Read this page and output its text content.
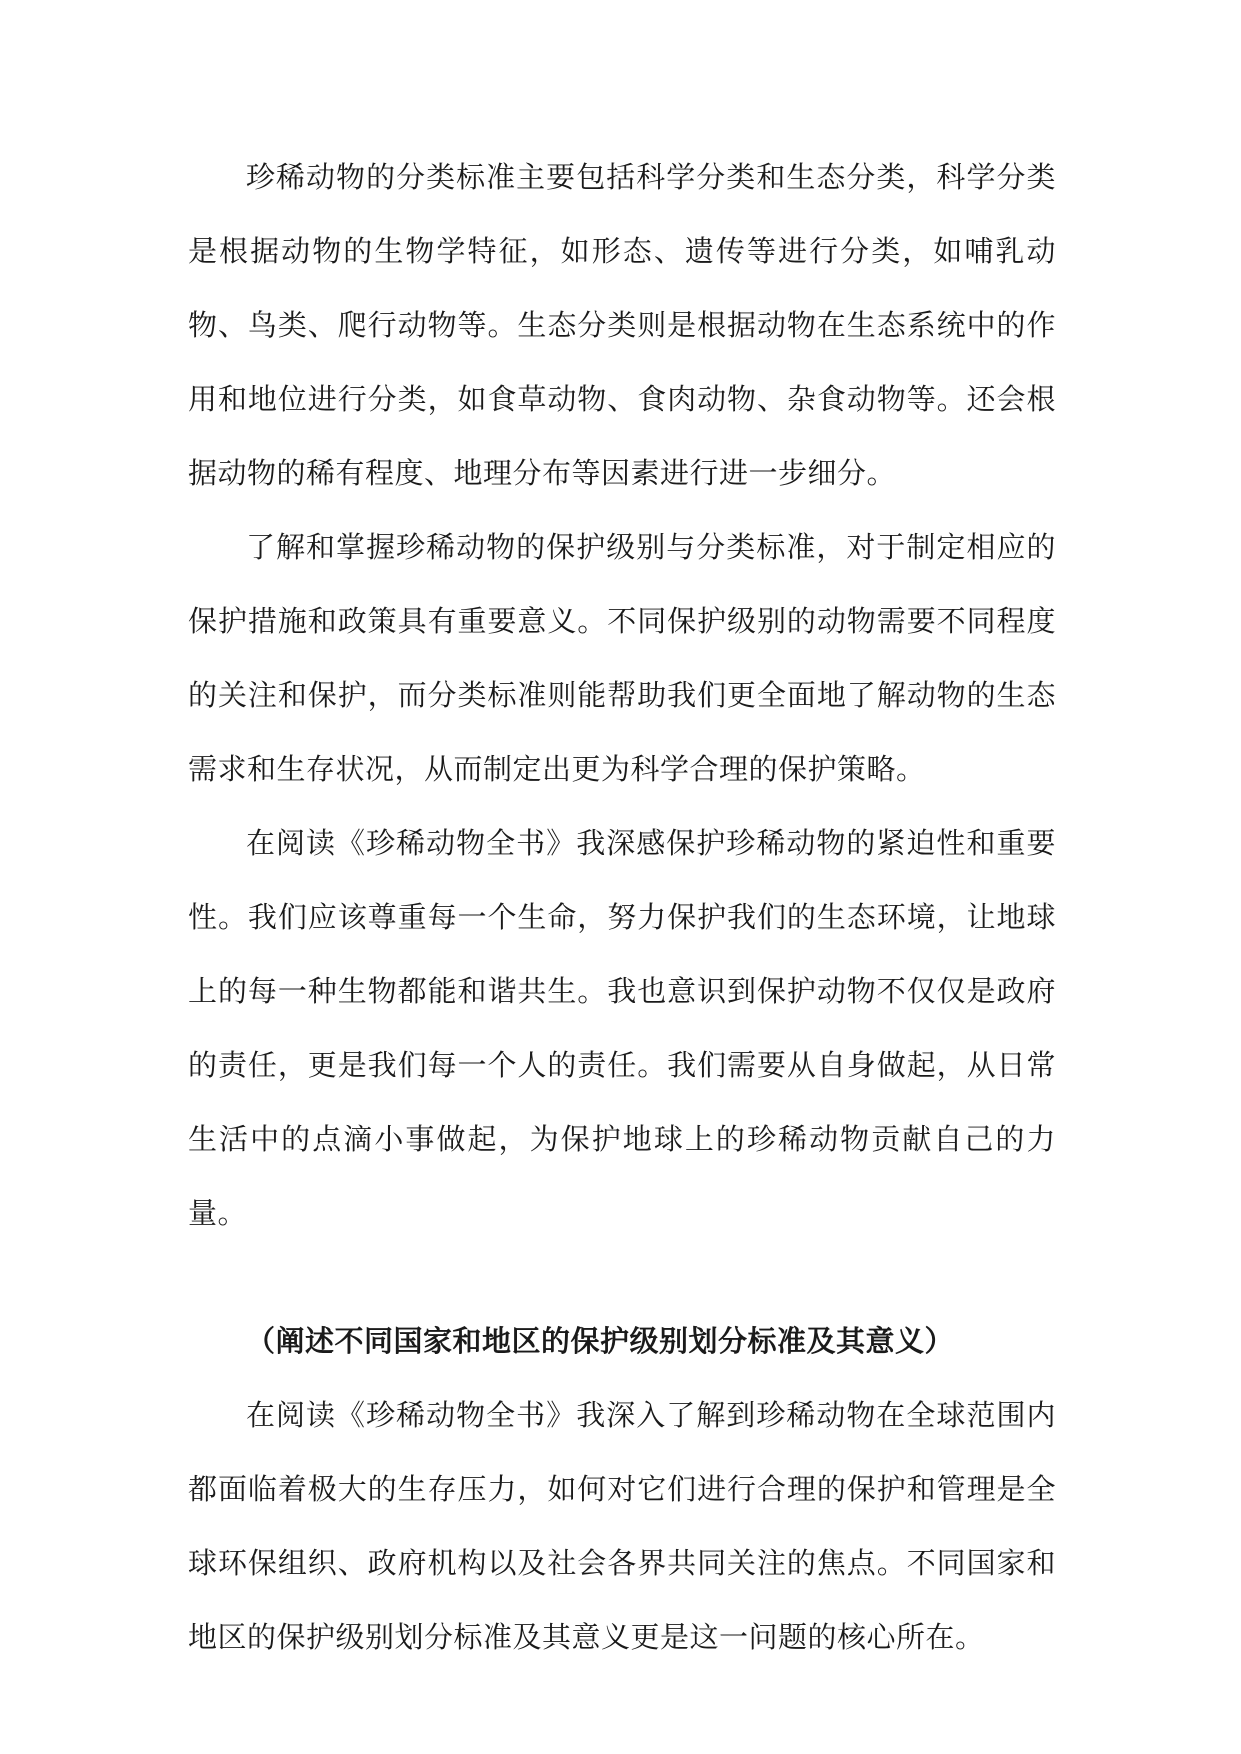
珍稀动物的分类标准主要包括科学分类和生态分类，科学分类是根据动物的生物学特征，如形态、遗传等进行分类，如哺乳动物、鸟类、爬行动物等。生态分类则是根据动物在生态系统中的作用和地位进行分类，如食草动物、食肉动物、杂食动物等。还会根据动物的稀有程度、地理分布等因素进行进一步细分。

了解和掌握珍稀动物的保护级别与分类标准，对于制定相应的保护措施和政策具有重要意义。不同保护级别的动物需要不同程度的关注和保护，而分类标准则能帮助我们更全面地了解动物的生态需求和生存状况，从而制定出更为科学合理的保护策略。

在阅读《珍稀动物全书》我深感保护珍稀动物的紧迫性和重要性。我们应该尊重每一个生命，努力保护我们的生态环境，让地球上的每一种生物都能和谐共生。我也意识到保护动物不仅仅是政府的责任，更是我们每一个人的责任。我们需要从自身做起，从日常生活中的点滴小事做起，为保护地球上的珍稀动物贡献自己的力量。

（阐述不同国家和地区的保护级别划分标准及其意义）

在阅读《珍稀动物全书》我深入了解到珍稀动物在全球范围内都面临着极大的生存压力，如何对它们进行合理的保护和管理是全球环保组织、政府机构以及社会各界共同关注的焦点。不同国家和地区的保护级别划分标准及其意义更是这一问题的核心所在。
